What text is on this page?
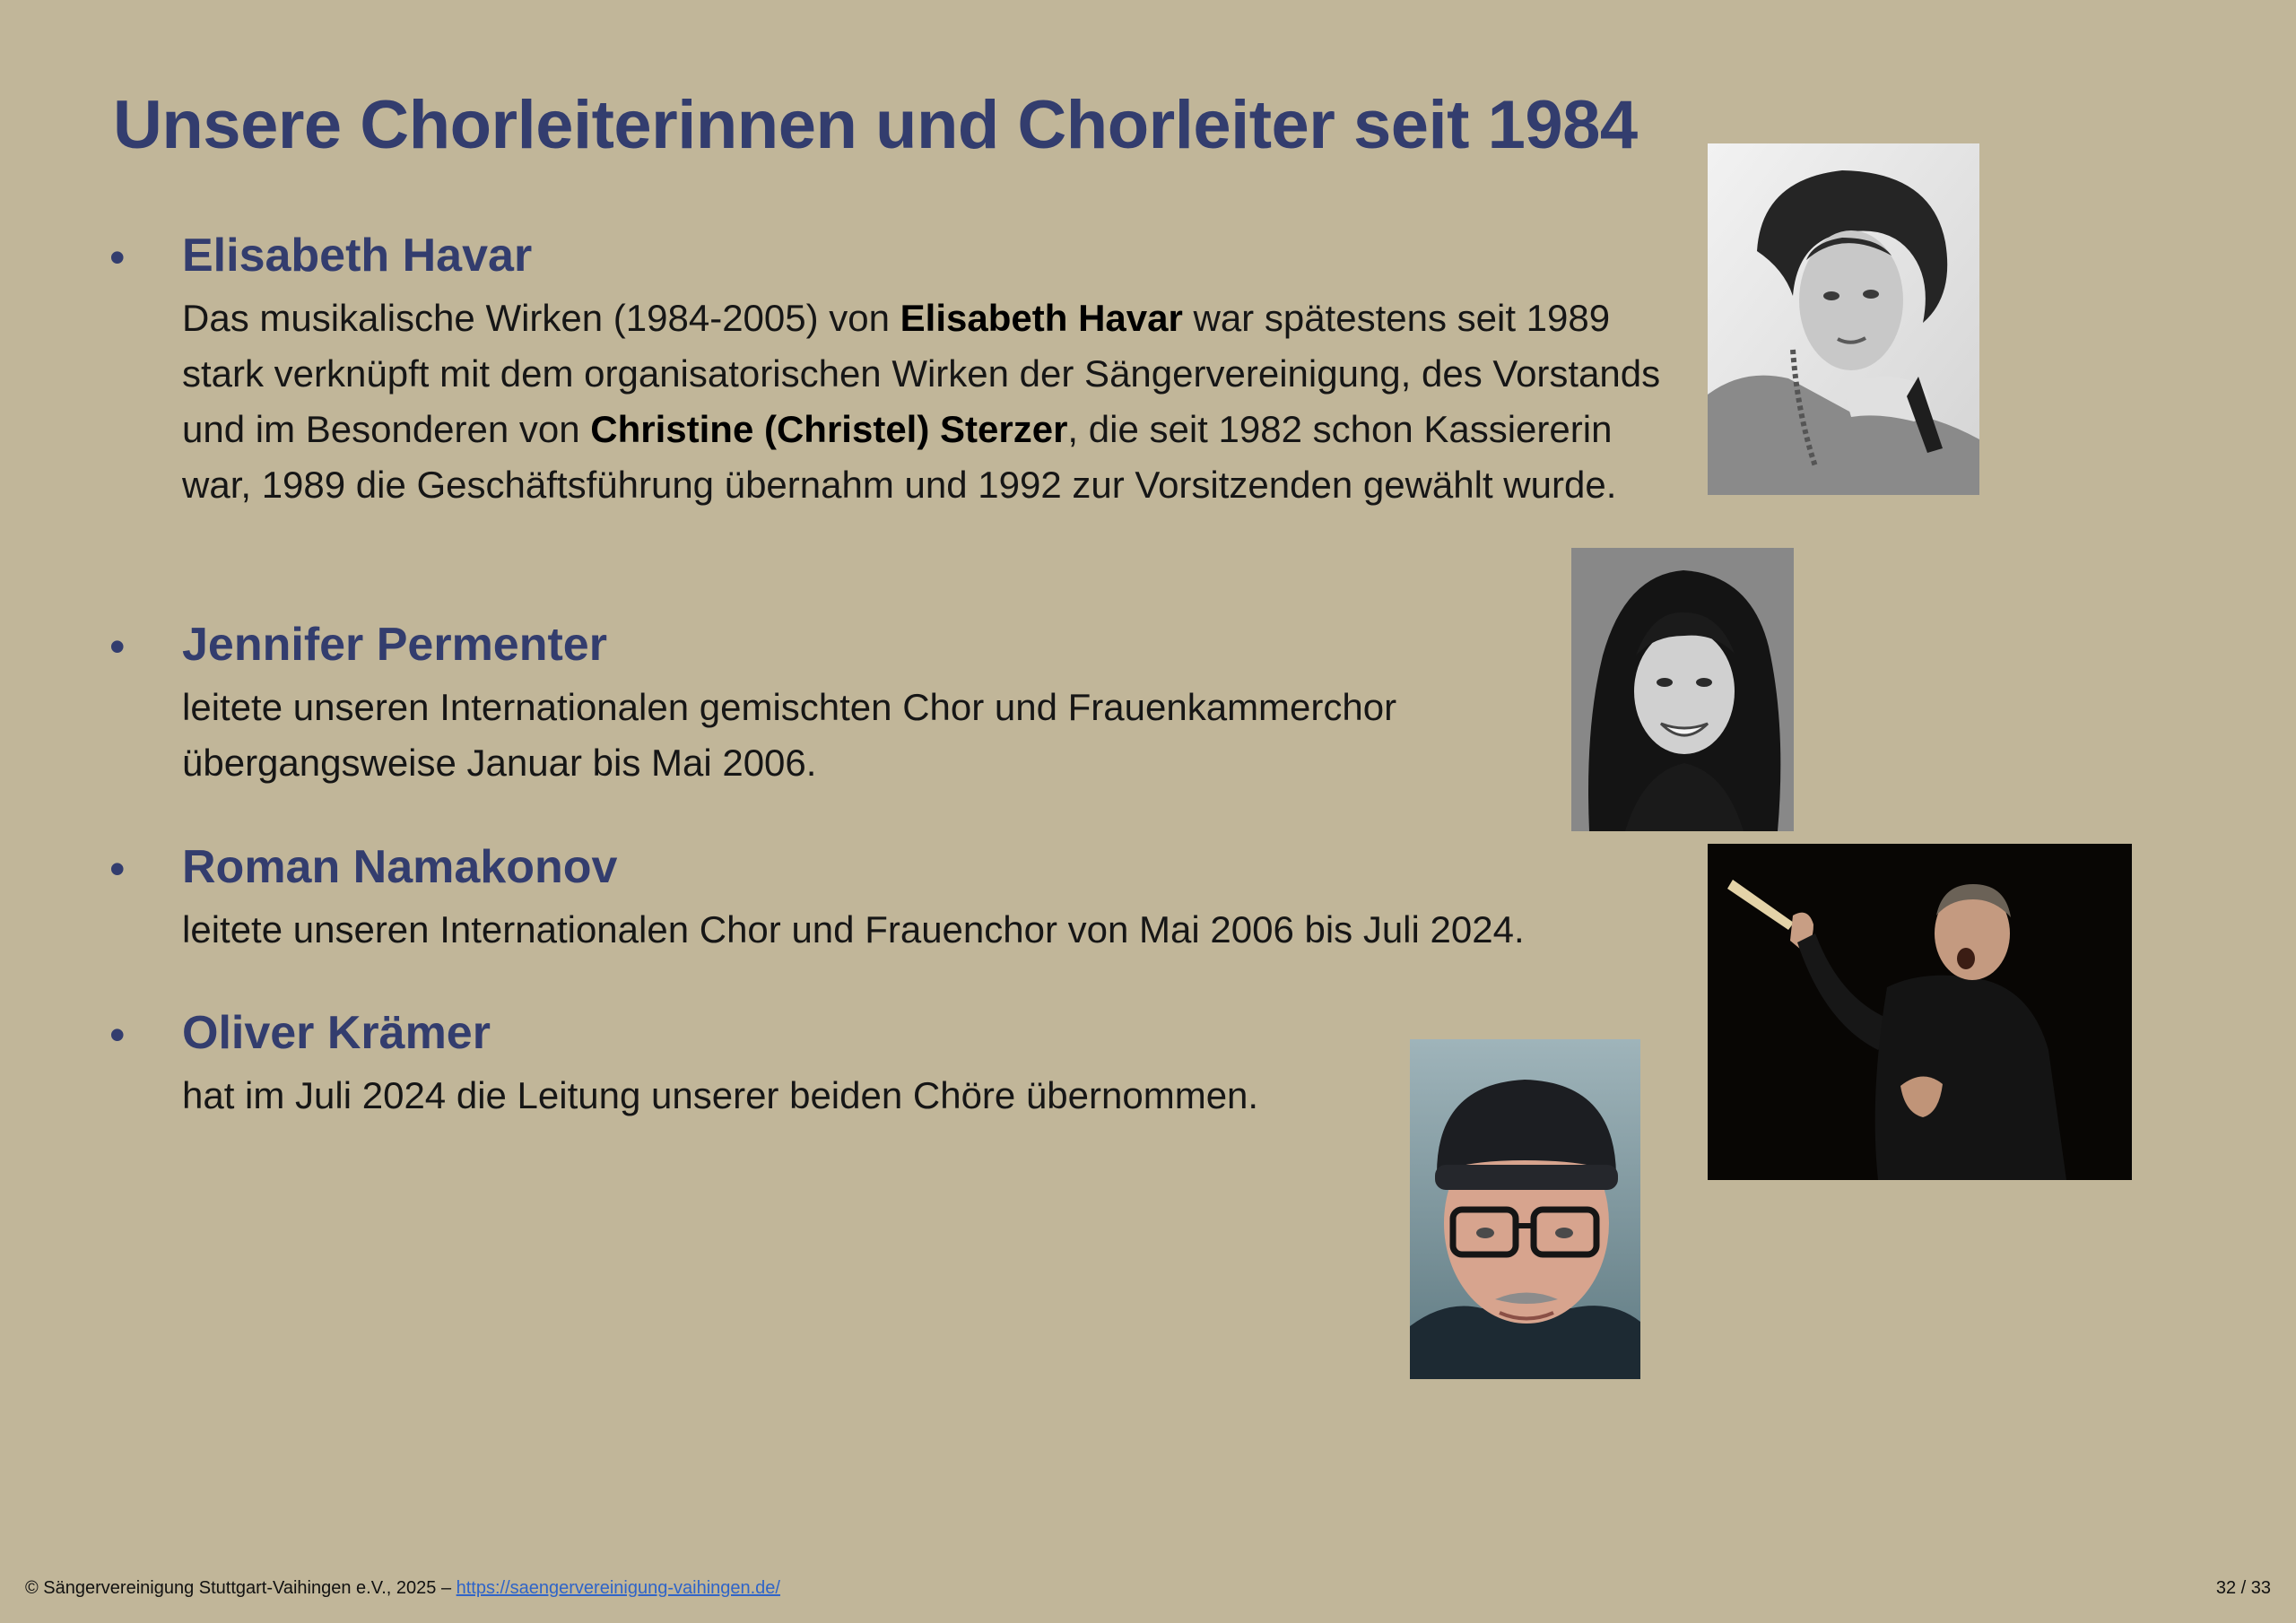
Unsere Chorleiterinnen und Chorleiter seit 1984
• Elisabeth Havar

Das musikalische Wirken (1984-2005) von Elisabeth Havar war spätestens seit 1989 stark verknüpft mit dem organisatorischen Wirken der Sängervereinigung, des Vorstands und im Besonderen von Christine (Christel) Sterzer, die seit 1982 schon Kassiererin war, 1989 die Geschäftsführung übernahm und 1992 zur Vorsitzenden gewählt wurde.

• Jennifer Permenter

leitete unseren Internationalen gemischten Chor und Frauenkammerchor übergangsweise Januar bis Mai 2006.

• Roman Namakonov

leitete unseren Internationalen Chor und Frauenchor von Mai 2006 bis Juli 2024.

• Oliver Krämer

hat im Juli 2024 die Leitung unserer beiden Chöre übernommen.

© Sängervereinigung Stuttgart-Vaihingen e.V., 2025 – https://saengervereinigung-vaihingen.de/	32 / 33
